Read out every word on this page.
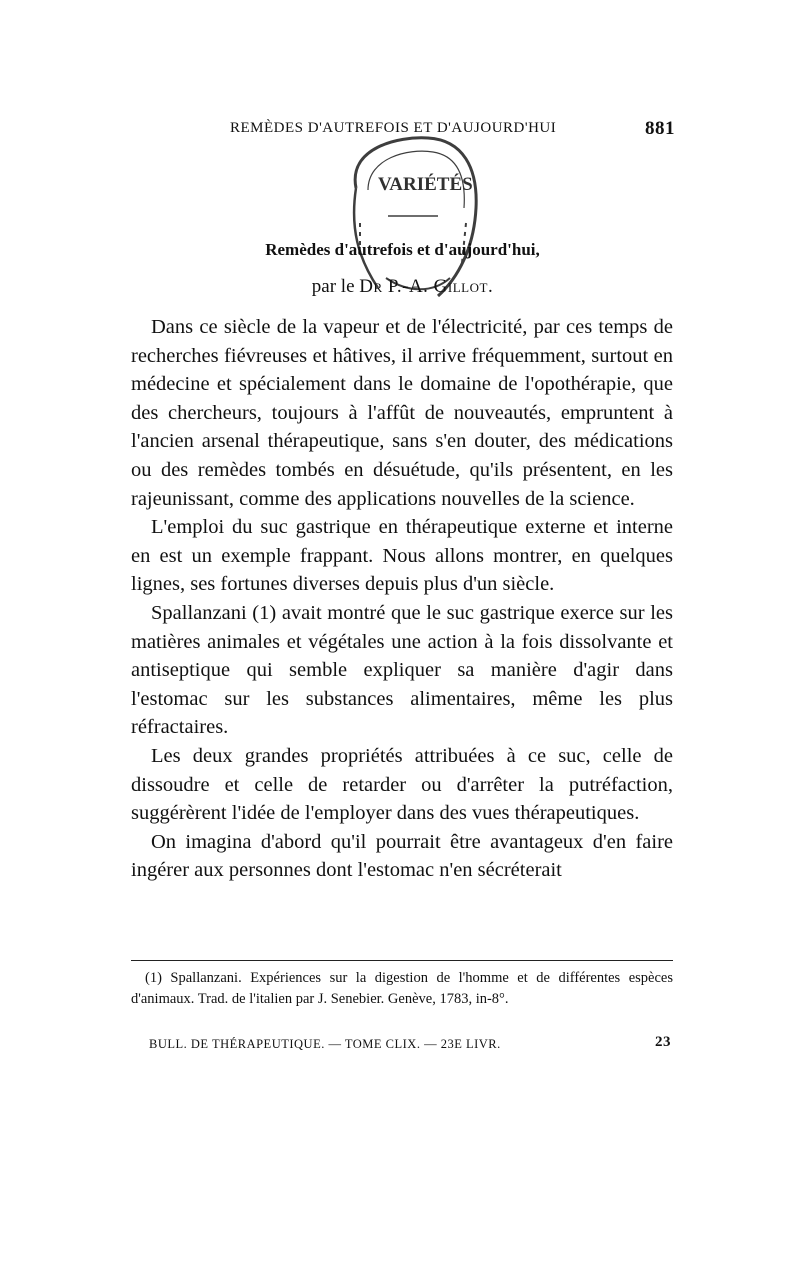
REMÈDES D'AUTREFOIS ET D'AUJOURD'HUI	881
VARIÉTÉS
Remèdes d'autrefois et d'aujourd'hui,
par le Dr P.-A. Gillot.

Dans ce siècle de la vapeur et de l'électricité, par ces temps de recherches fiévreuses et hâtives, il arrive fréquemment, surtout en médecine et spécialement dans le domaine de l'opothérapie, que des chercheurs, toujours à l'affût de nouveautés, empruntent à l'ancien arsenal thérapeutique, sans s'en douter, des médications ou des remèdes tombés en désuétude, qu'ils présentent, en les rajeunissant, comme des applications nouvelles de la science.

L'emploi du suc gastrique en thérapeutique externe et interne en est un exemple frappant. Nous allons montrer, en quelques lignes, ses fortunes diverses depuis plus d'un siècle.

Spallanzani (1) avait montré que le suc gastrique exerce sur les matières animales et végétales une action à la fois dissolvante et antiseptique qui semble expliquer sa manière d'agir dans l'estomac sur les substances alimentaires, même les plus réfractaires.

Les deux grandes propriétés attribuées à ce suc, celle de dissoudre et celle de retarder ou d'arrêter la putréfaction, suggérèrent l'idée de l'employer dans des vues thérapeutiques.

On imagina d'abord qu'il pourrait être avantageux d'en faire ingérer aux personnes dont l'estomac n'en sécréterait

(1) Spallanzani. Expériences sur la digestion de l'homme et de différentes espèces d'animaux. Trad. de l'italien par J. Senebier. Genève, 1783, in-8°.
BULL. DE THÉRAPEUTIQUE. — TOME CLIX. — 23E LIVR.	23
